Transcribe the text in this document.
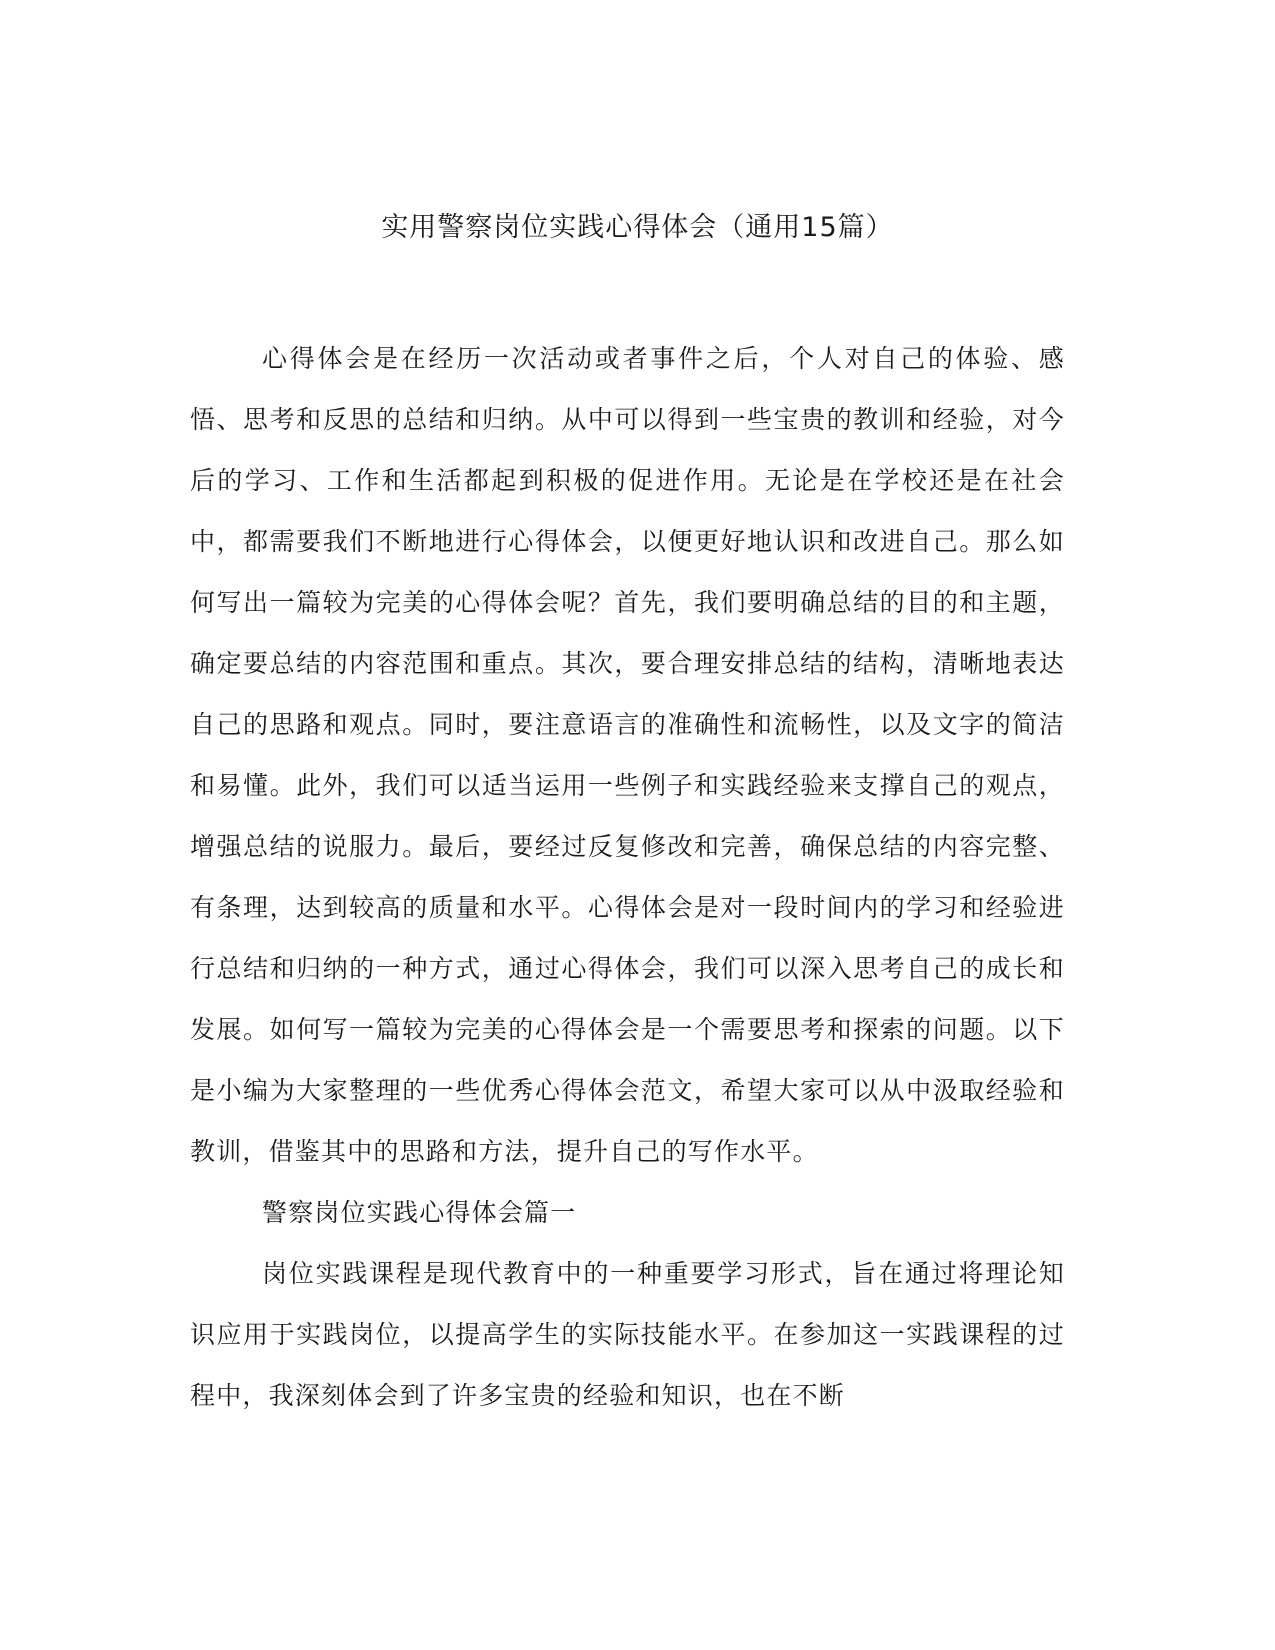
实用警察岗位实践心得体会（通用15篇）

心得体会是在经历一次活动或者事件之后，个人对自己的体验、感悟、思考和反思的总结和归纳。从中可以得到一些宝贵的教训和经验，对今后的学习、工作和生活都起到积极的促进作用。无论是在学校还是在社会中，都需要我们不断地进行心得体会，以便更好地认识和改进自己。那么如何写出一篇较为完美的心得体会呢？首先，我们要明确总结的目的和主题，确定要总结的内容范围和重点。其次，要合理安排总结的结构，清晰地表达自己的思路和观点。同时，要注意语言的准确性和流畅性，以及文字的简洁和易懂。此外，我们可以适当运用一些例子和实践经验来支撑自己的观点，增强总结的说服力。最后，要经过反复修改和完善，确保总结的内容完整、有条理，达到较高的质量和水平。心得体会是对一段时间内的学习和经验进行总结和归纳的一种方式，通过心得体会，我们可以深入思考自己的成长和发展。如何写一篇较为完美的心得体会是一个需要思考和探索的问题。以下是小编为大家整理的一些优秀心得体会范文，希望大家可以从中汲取经验和教训，借鉴其中的思路和方法，提升自己的写作水平。

警察岗位实践心得体会篇一

岗位实践课程是现代教育中的一种重要学习形式，旨在通过将理论知识应用于实践岗位，以提高学生的实际技能水平。在参加这一实践课程的过程中，我深刻体会到了许多宝贵的经验和知识，也在不断
